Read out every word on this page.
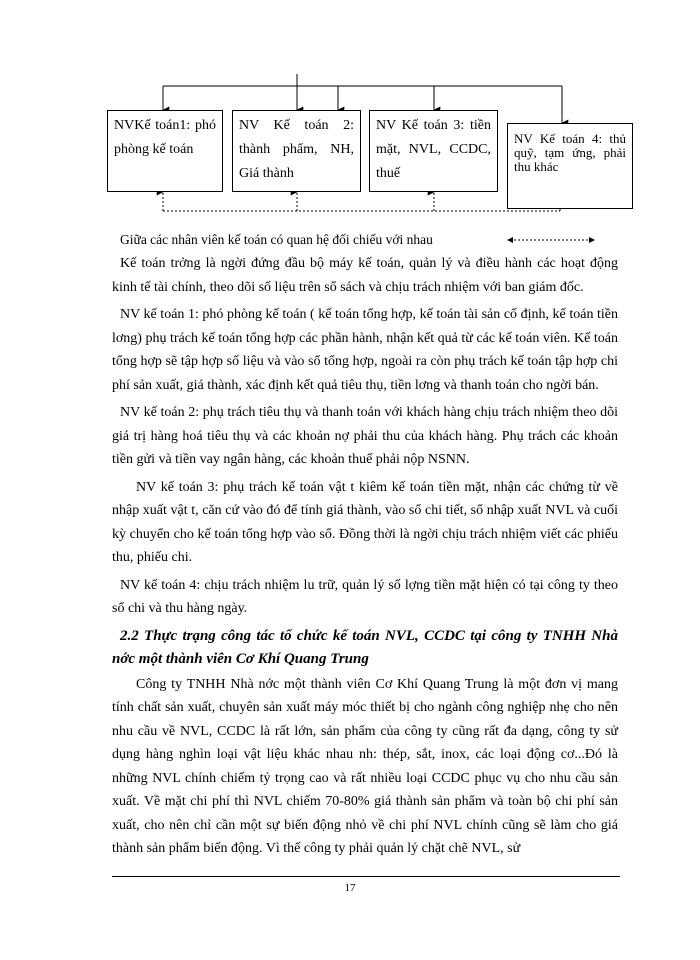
NVKế toán1: phó phòng kế toán
NV Kế toán 2: thành phẩm, NH, Giá thành
NV Kế toán 3: tiền mặt, NVL, CCDC, thuế
NV Kế toán 4: thủ quỹ, tạm ứng, phải thu khác
Giữa các nhân viên kế toán có quan hệ đối chiếu với nhau

Kế toán trởng là ngời đứng đầu bộ máy kế toán, quản lý và điều hành các hoạt động kinh tế tài chính, theo dõi số liệu trên sổ sách và chịu trách nhiệm với ban giám đốc.

NV kế toán 1: phó phòng kế toán ( kế toán tổng hợp, kế toán tài sản cố định, kế toán tiền lơng) phụ trách kế toán tổng hợp các phần hành, nhận kết quả từ các kế toán viên. Kế toán tổng hợp sẽ tập hợp số liệu và vào sổ tổng hợp, ngoài ra còn phụ trách kế toán tập hợp chi phí sản xuất, giá thành, xác định kết quả tiêu thụ, tiền lơng và thanh toán cho ngời bán.

NV kế toán 2: phụ trách tiêu thụ và thanh toán với khách hàng chịu trách nhiệm theo dõi giá trị hàng hoá tiêu thụ và các khoản nợ phải thu của khách hàng. Phụ trách các khoản tiền gửi và tiền vay ngân hàng, các khoản thuế phải nộp NSNN.

NV kế toán 3: phụ trách kế toán vật t kiêm kế toán tiền mặt, nhận các chứng từ về nhập xuất vật t, căn cứ vào đó để tính giá thành, vào sổ chi tiết, sổ nhập xuất NVL và cuối kỳ chuyển cho kế toán tổng hợp vào sổ. Đồng thời là ngời chịu trách nhiệm viết các phiếu thu, phiếu chi.

NV kế toán 4: chịu trách nhiệm lu trữ, quản lý số lợng tiền mặt hiện có tại công ty theo sổ chi và thu hàng ngày.

2.2 Thực trạng công tác tổ chức kế toán NVL, CCDC tại công ty TNHH Nhà nớc một thành viên Cơ Khí Quang Trung

Công ty TNHH Nhà nớc một thành viên Cơ Khí Quang Trung là một đơn vị mang tính chất sản xuất, chuyên sản xuất máy móc thiết bị cho ngành công nghiệp nhẹ cho nên nhu cầu về NVL, CCDC là rất lớn, sản phẩm của công ty cũng rất đa dạng, công ty sử dụng hàng nghìn loại vật liệu khác nhau nh: thép, sắt, inox, các loại động cơ...Đó là những NVL chính chiếm tỷ trọng cao và rất nhiều loại CCDC phục vụ cho nhu cầu sản xuất. Về mặt chi phí thì NVL chiếm 70-80% giá thành sản phẩm và toàn bộ chi phí sản xuất, cho nên chỉ cần một sự biến động nhỏ về chi phí NVL chính cũng sẽ làm cho giá thành sản phẩm biến động. Vì thế công ty phải quản lý chặt chẽ NVL, sử

17
